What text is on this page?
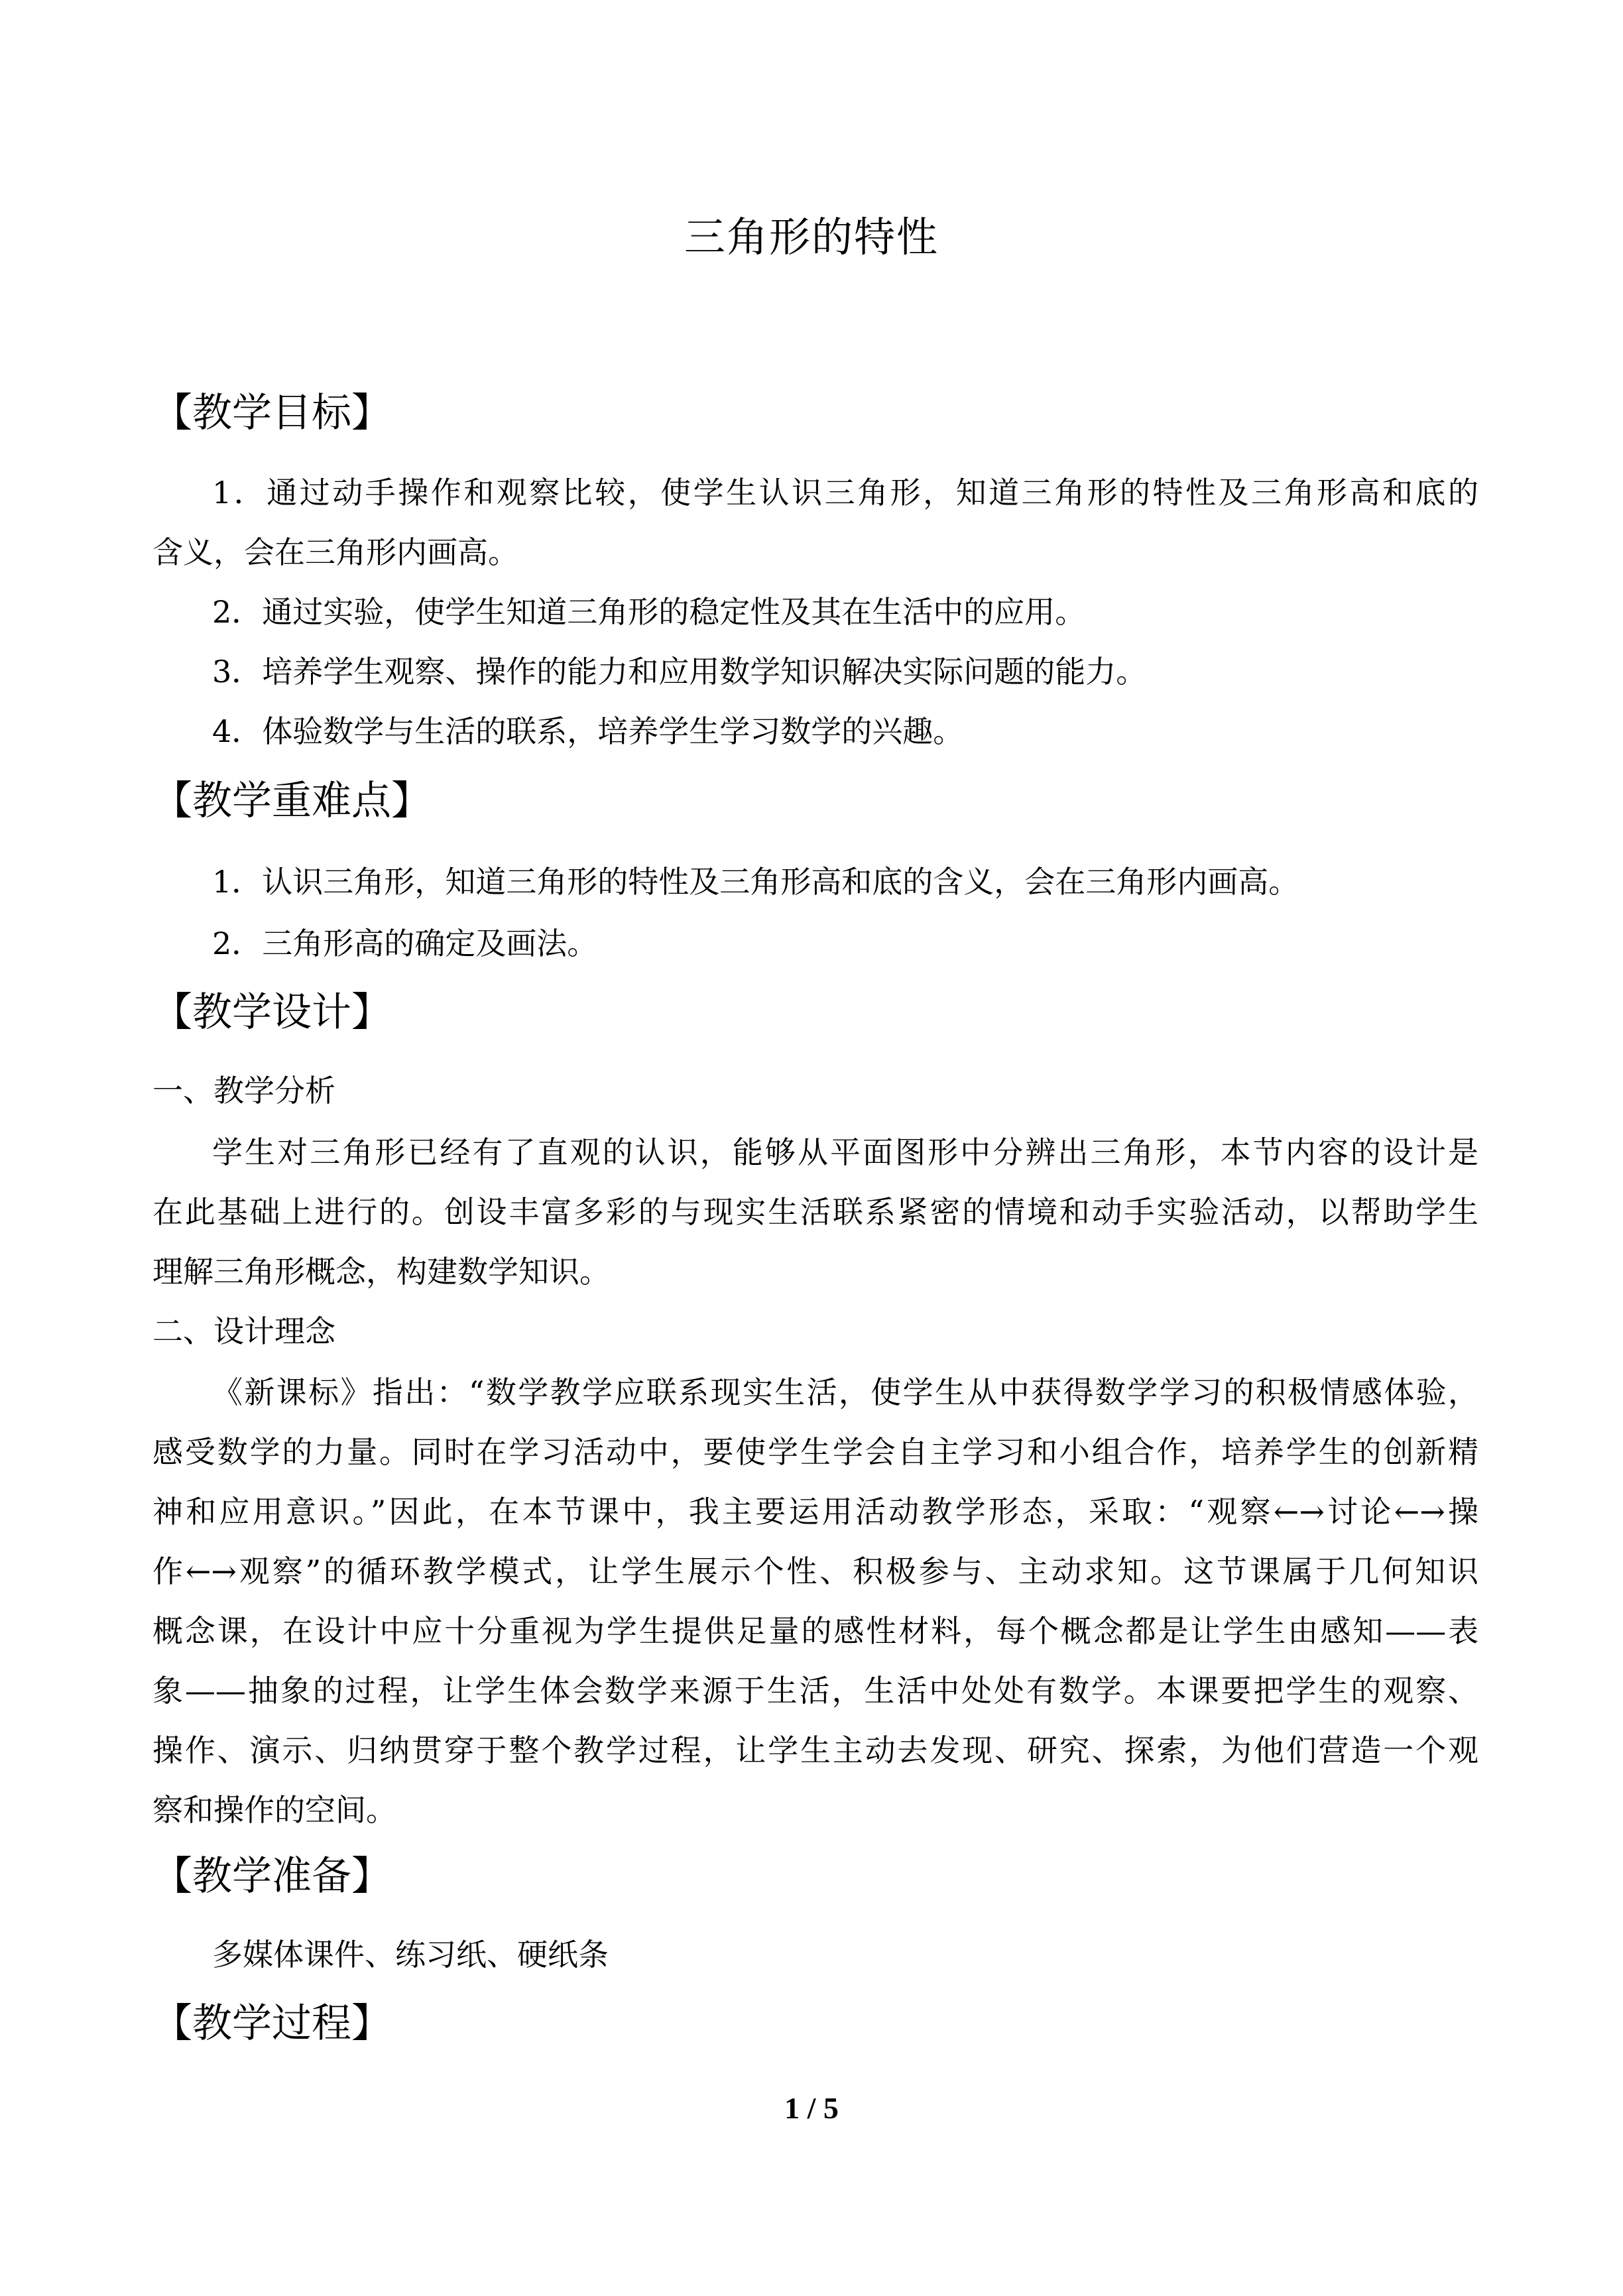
三角形的特性
【教学目标】
1．通过动手操作和观察比较，使学生认识三角形，知道三角形的特性及三角形高和底的
含义，会在三角形内画高。
2．通过实验，使学生知道三角形的稳定性及其在生活中的应用。
3．培养学生观察、操作的能力和应用数学知识解决实际问题的能力。
4．体验数学与生活的联系，培养学生学习数学的兴趣。
【教学重难点】
1．认识三角形，知道三角形的特性及三角形高和底的含义，会在三角形内画高。
2．三角形高的确定及画法。
【教学设计】
一、教学分析
学生对三角形已经有了直观的认识，能够从平面图形中分辨出三角形，本节内容的设计是
在此基础上进行的。创设丰富多彩的与现实生活联系紧密的情境和动手实验活动，以帮助学生
理解三角形概念，构建数学知识。
二、设计理念
《新课标》指出：“数学教学应联系现实生活，使学生从中获得数学学习的积极情感体验，
感受数学的力量。同时在学习活动中，要使学生学会自主学习和小组合作，培养学生的创新精
神和应用意识。”因此，在本节课中，我主要运用活动教学形态，采取：“观察←→讨论←→操
作←→观察”的循环教学模式，让学生展示个性、积极参与、主动求知。这节课属于几何知识
概念课，在设计中应十分重视为学生提供足量的感性材料，每个概念都是让学生由感知——表
象——抽象的过程，让学生体会数学来源于生活，生活中处处有数学。本课要把学生的观察、
操作、演示、归纳贯穿于整个教学过程，让学生主动去发现、研究、探索，为他们营造一个观
察和操作的空间。
【教学准备】
多媒体课件、练习纸、硬纸条
【教学过程】
1 / 5
